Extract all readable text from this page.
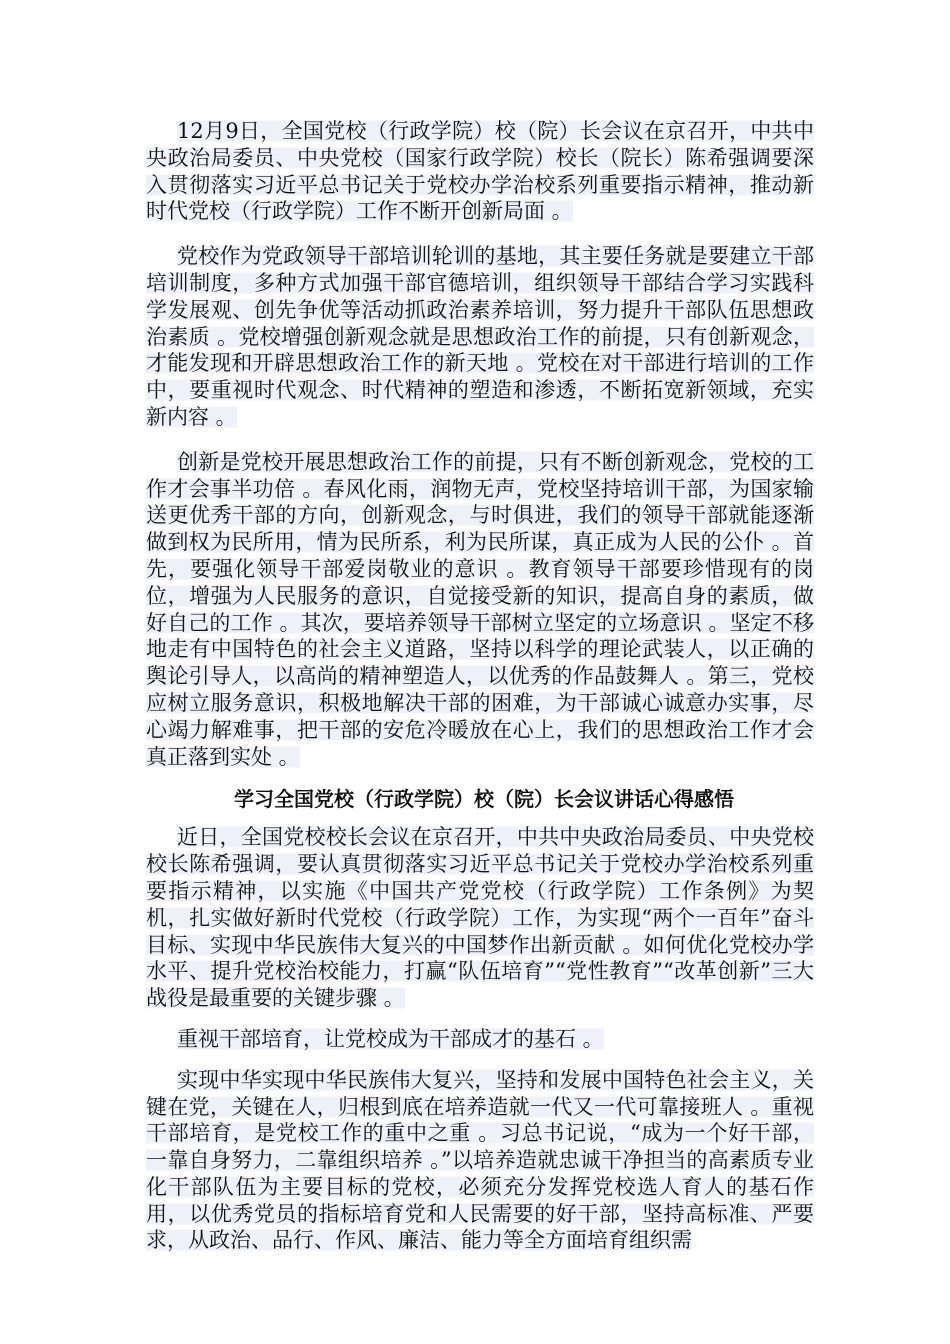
12月9日，全国党校（行政学院）校（院）长会议在京召开，中共中央政治局委员、中央党校（国家行政学院）校长（院长）陈希强调要深入贯彻落实习近平总书记关于党校办学治校系列重要指示精神，推动新时代党校（行政学院）工作不断开创新局面 。

党校作为党政领导干部培训轮训的基地，其主要任务就是要建立干部培训制度，多种方式加强干部官德培训，组织领导干部结合学习实践科学发展观、创先争优等活动抓政治素养培训，努力提升干部队伍思想政治素质 。党校增强创新观念就是思想政治工作的前提，只有创新观念，才能发现和开辟思想政治工作的新天地 。党校在对干部进行培训的工作中，要重视时代观念、时代精神的塑造和渗透，不断拓宽新领域，充实新内容 。

创新是党校开展思想政治工作的前提，只有不断创新观念，党校的工作才会事半功倍 。春风化雨，润物无声，党校坚持培训干部，为国家输送更优秀干部的方向，创新观念，与时俱进，我们的领导干部就能逐渐做到权为民所用，情为民所系，利为民所谋，真正成为人民的公仆 。首先，要强化领导干部爱岗敬业的意识 。教育领导干部要珍惜现有的岗位，增强为人民服务的意识，自觉接受新的知识，提高自身的素质，做好自己的工作 。其次，要培养领导干部树立坚定的立场意识 。坚定不移地走有中国特色的社会主义道路，坚持以科学的理论武装人，以正确的舆论引导人，以高尚的精神塑造人，以优秀的作品鼓舞人 。第三，党校应树立服务意识，积极地解决干部的困难，为干部诚心诚意办实事，尽心竭力解难事，把干部的安危冷暖放在心上，我们的思想政治工作才会真正落到实处 。

学习全国党校（行政学院）校（院）长会议讲话心得感悟

近日，全国党校校长会议在京召开，中共中央政治局委员、中央党校校长陈希强调，要认真贯彻落实习近平总书记关于党校办学治校系列重要指示精神，以实施《中国共产党党校（行政学院）工作条例》为契机，扎实做好新时代党校（行政学院）工作，为实现“两个一百年”奋斗目标、实现中华民族伟大复兴的中国梦作出新贡献 。如何优化党校办学水平、提升党校治校能力，打赢“队伍培育”“党性教育”“改革创新”三大战役是最重要的关键步骤 。

重视干部培育，让党校成为干部成才的基石 。

实现中华实现中华民族伟大复兴，坚持和发展中国特色社会主义，关键在党，关键在人，归根到底在培养造就一代又一代可靠接班人 。重视干部培育，是党校工作的重中之重 。习总书记说，“成为一个好干部，一靠自身努力，二靠组织培养 。”以培养造就忠诚干净担当的高素质专业化干部队伍为主要目标的党校，必须充分发挥党校选人育人的基石作用，以优秀党员的指标培育党和人民需要的好干部，坚持高标准、严要求，从政治、品行、作风、廉洁、能力等全方面培育组织需
